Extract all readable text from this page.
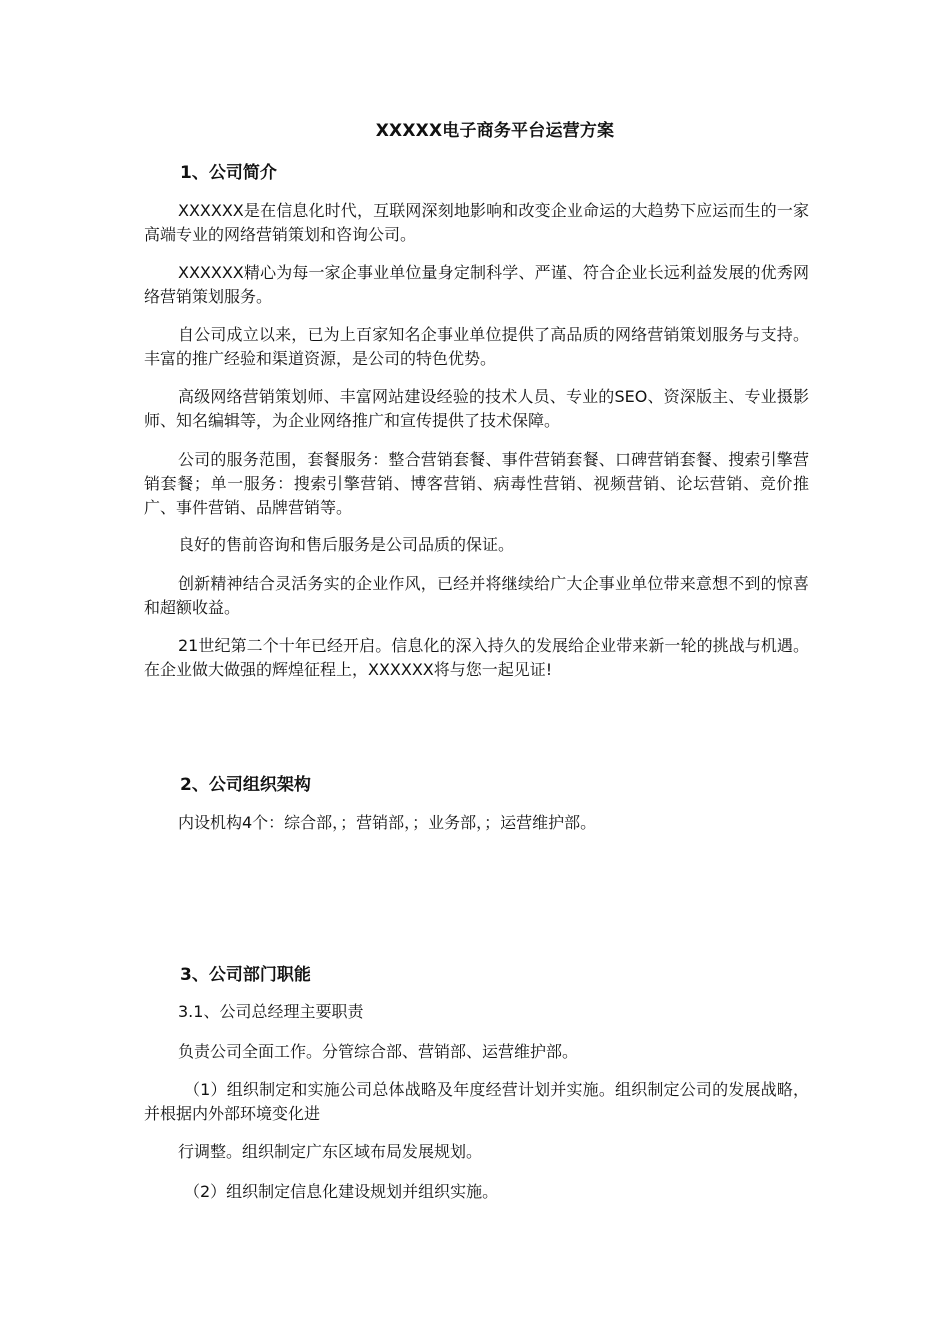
XXXXX电子商务平台运营方案
1、公司简介
XXXXXX是在信息化时代，互联网深刻地影响和改变企业命运的大趋势下应运而生的一家高端专业的网络营销策划和咨询公司。
XXXXXX精心为每一家企事业单位量身定制科学、严谨、符合企业长远利益发展的优秀网络营销策划服务。
自公司成立以来，已为上百家知名企事业单位提供了高品质的网络营销策划服务与支持。丰富的推广经验和渠道资源，是公司的特色优势。
高级网络营销策划师、丰富网站建设经验的技术人员、专业的SEO、资深版主、专业摄影师、知名编辑等，为企业网络推广和宣传提供了技术保障。
公司的服务范围，套餐服务：整合营销套餐、事件营销套餐、口碑营销套餐、搜索引擎营销套餐；单一服务：搜索引擎营销、博客营销、病毒性营销、视频营销、论坛营销、竞价推广、事件营销、品牌营销等。
良好的售前咨询和售后服务是公司品质的保证。
创新精神结合灵活务实的企业作风，已经并将继续给广大企事业单位带来意想不到的惊喜和超额收益。
21世纪第二个十年已经开启。信息化的深入持久的发展给企业带来新一轮的挑战与机遇。在企业做大做强的辉煌征程上，XXXXXX将与您一起见证!
2、公司组织架构
内设机构4个：综合部，；营销部，；业务部，；运营维护部。
3、公司部门职能
3.1、公司总经理主要职责
负责公司全面工作。分管综合部、营销部、运营维护部。
（1）组织制定和实施公司总体战略及年度经营计划并实施。组织制定公司的发展战略，并根据内外部环境变化进
行调整。组织制定广东区域布局发展规划。
（2）组织制定信息化建设规划并组织实施。
